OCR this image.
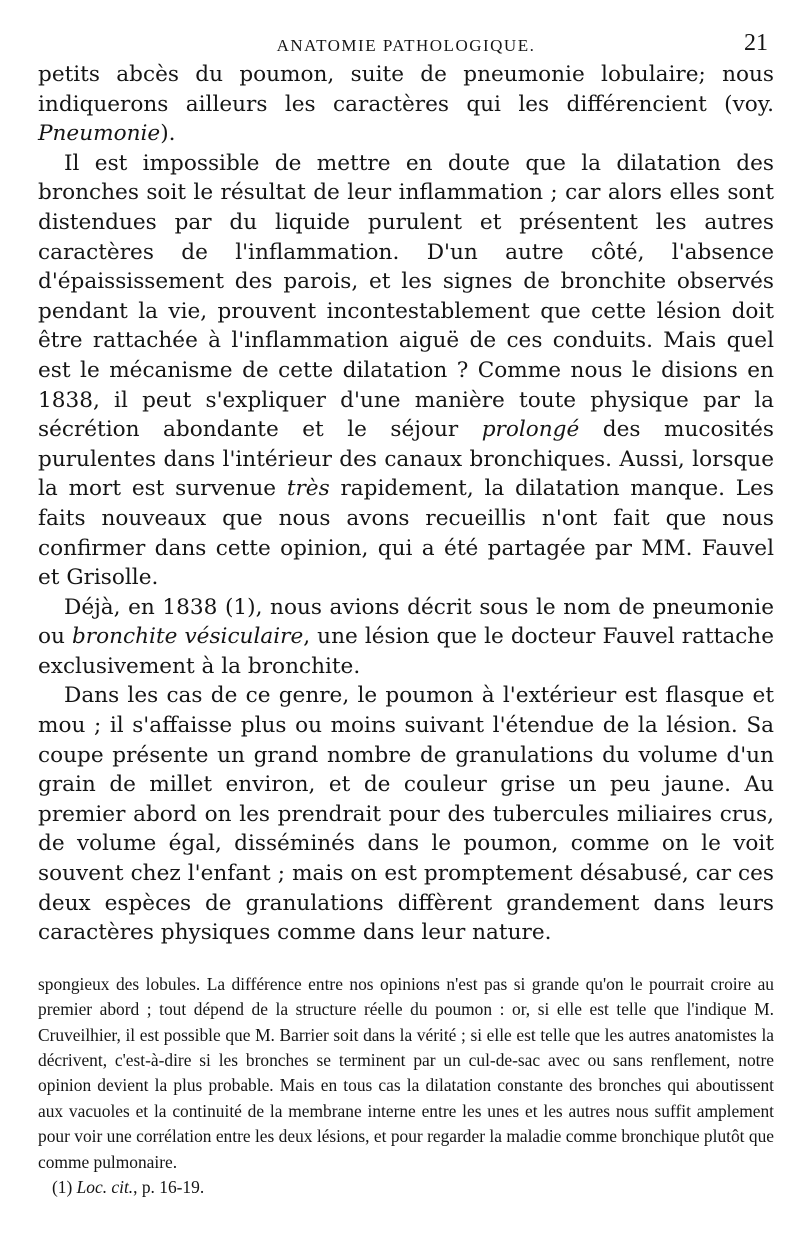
ANATOMIE PATHOLOGIQUE.	21

petits abcès du poumon, suite de pneumonie lobulaire; nous indiquerons ailleurs les caractères qui les différencient (voy. Pneumonie).

Il est impossible de mettre en doute que la dilatation des bronches soit le résultat de leur inflammation ; car alors elles sont distendues par du liquide purulent et présentent les autres caractères de l'inflammation. D'un autre côté, l'absence d'épaississement des parois, et les signes de bronchite observés pendant la vie, prouvent incontestablement que cette lésion doit être rattachée à l'inflammation aiguë de ces conduits. Mais quel est le mécanisme de cette dilatation ? Comme nous le disions en 1838, il peut s'expliquer d'une manière toute physique par la sécrétion abondante et le séjour prolongé des mucosités purulentes dans l'intérieur des canaux bronchiques. Aussi, lorsque la mort est survenue très rapidement, la dilatation manque. Les faits nouveaux que nous avons recueillis n'ont fait que nous confirmer dans cette opinion, qui a été partagée par MM. Fauvel et Grisolle.

Déjà, en 1838 (1), nous avions décrit sous le nom de pneumonie ou bronchite vésiculaire, une lésion que le docteur Fauvel rattache exclusivement à la bronchite.

Dans les cas de ce genre, le poumon à l'extérieur est flasque et mou ; il s'affaisse plus ou moins suivant l'étendue de la lésion. Sa coupe présente un grand nombre de granulations du volume d'un grain de millet environ, et de couleur grise un peu jaune. Au premier abord on les prendrait pour des tubercules miliaires crus, de volume égal, disséminés dans le poumon, comme on le voit souvent chez l'enfant ; mais on est promptement désabusé, car ces deux espèces de granulations diffèrent grandement dans leurs caractères physiques comme dans leur nature.

spongieux des lobules. La différence entre nos opinions n'est pas si grande qu'on le pourrait croire au premier abord ; tout dépend de la structure réelle du poumon : or, si elle est telle que l'indique M. Cruveilhier, il est possible que M. Barrier soit dans la vérité ; si elle est telle que les autres anatomistes la décrivent, c'est-à-dire si les bronches se terminent par un cul-de-sac avec ou sans renflement, notre opinion devient la plus probable. Mais en tous cas la dilatation constante des bronches qui aboutissent aux vacuoles et la continuité de la membrane interne entre les unes et les autres nous suffit amplement pour voir une corrélation entre les deux lésions, et pour regarder la maladie comme bronchique plutôt que comme pulmonaire.

(1) Loc. cit., p. 16-19.
